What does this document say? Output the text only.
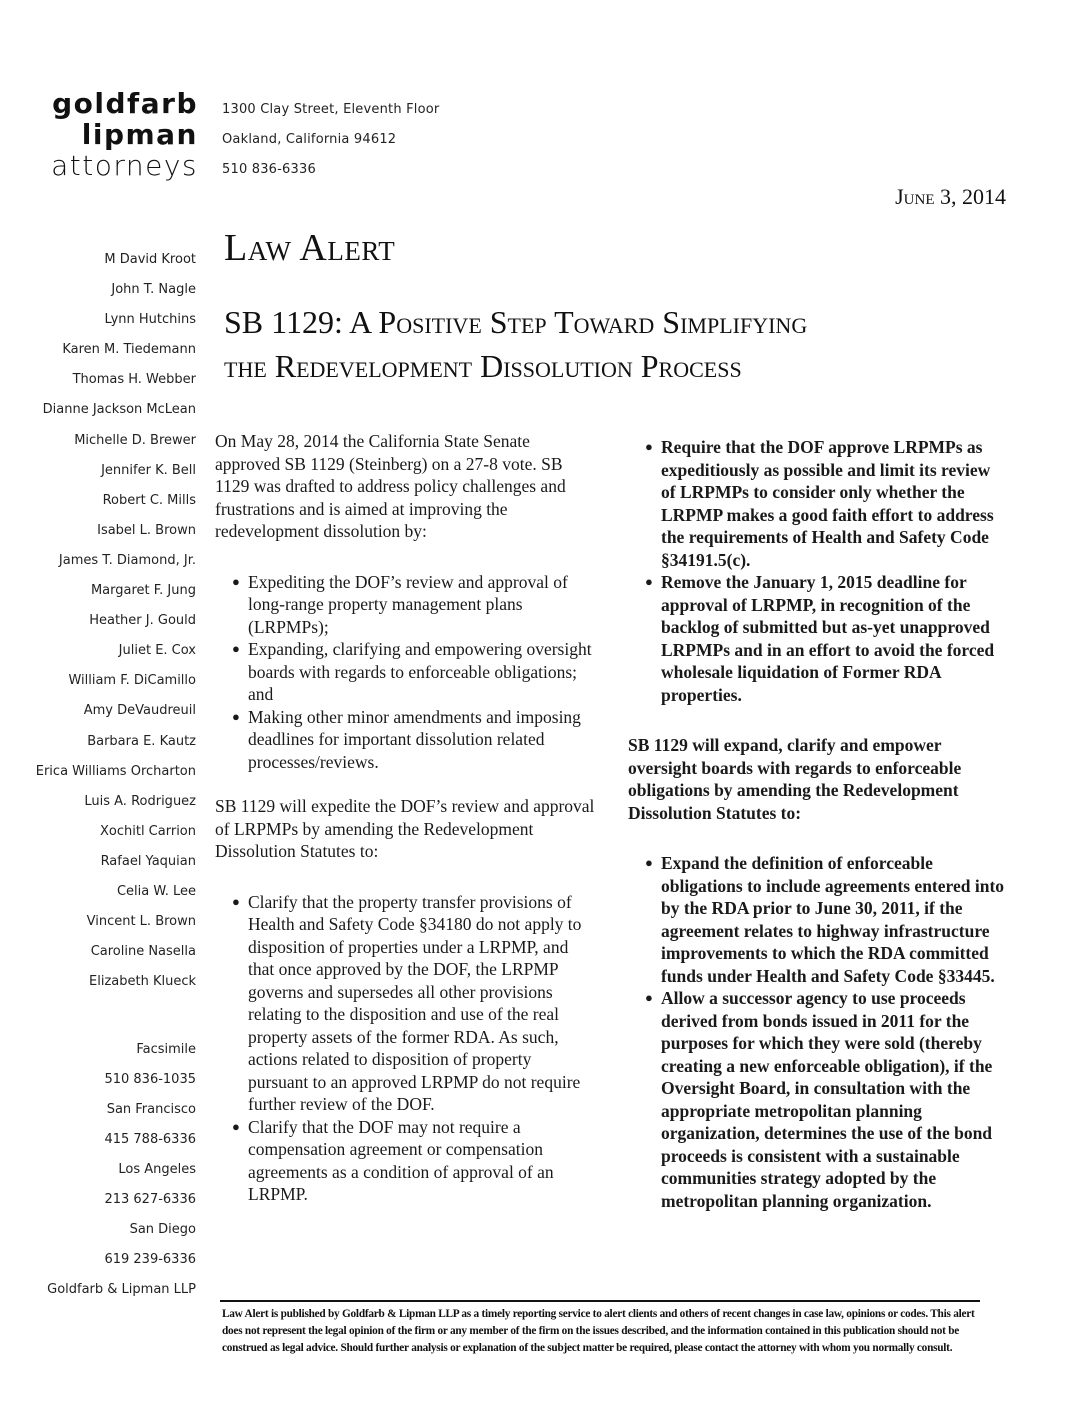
goldfarb
lipman
attorneys
1300 Clay Street, Eleventh Floor
Oakland, California 94612
510 836-6336
June 3, 2014
M David Kroot
John T. Nagle
Lynn Hutchins
Karen M. Tiedemann
Thomas H. Webber
Dianne Jackson McLean
Michelle D. Brewer
Jennifer K. Bell
Robert C. Mills
Isabel L. Brown
James T. Diamond, Jr.
Margaret F. Jung
Heather J. Gould
Juliet E. Cox
William F. DiCamillo
Amy DeVaudreuil
Barbara E. Kautz
Erica Williams Orcharton
Luis A. Rodriguez
Xochitl Carrion
Rafael Yaquian
Celia W. Lee
Vincent L. Brown
Caroline Nasella
Elizabeth Klueck
Facsimile
510 836-1035
San Francisco
415 788-6336
Los Angeles
213 627-6336
San Diego
619 239-6336
Goldfarb & Lipman LLP
Law Alert
SB 1129: A Positive Step Toward Simplifying
the Redevelopment Dissolution Process

On May 28, 2014 the California State Senate approved SB 1129 (Steinberg) on a 27-8 vote. SB 1129 was drafted to address policy challenges and frustrations and is aimed at improving the redevelopment dissolution by:

● Expediting the DOF’s review and approval of long-range property management plans (LRPMPs);
● Expanding, clarifying and empowering oversight boards with regards to enforceable obligations; and
● Making other minor amendments and imposing deadlines for important dissolution related processes/reviews.

SB 1129 will expedite the DOF’s review and approval of LRPMPs by amending the Redevelopment Dissolution Statutes to:

● Clarify that the property transfer provisions of Health and Safety Code §34180 do not apply to disposition of properties under a LRPMP, and that once approved by the DOF, the LRPMP governs and supersedes all other provisions relating to the disposition and use of the real property assets of the former RDA. As such, actions related to disposition of property pursuant to an approved LRPMP do not require further review of the DOF.
● Clarify that the DOF may not require a compensation agreement or compensation agreements as a condition of approval of an LRPMP.
● Require that the DOF approve LRPMPs as expeditiously as possible and limit its review of LRPMPs to consider only whether the LRPMP makes a good faith effort to address the requirements of Health and Safety Code §34191.5(c).
● Remove the January 1, 2015 deadline for approval of LRPMP, in recognition of the backlog of submitted but as-yet unapproved LRPMPs and in an effort to avoid the forced wholesale liquidation of Former RDA properties.

SB 1129 will expand, clarify and empower oversight boards with regards to enforceable obligations by amending the Redevelopment Dissolution Statutes to:

● Expand the definition of enforceable obligations to include agreements entered into by the RDA prior to June 30, 2011, if the agreement relates to highway infrastructure improvements to which the RDA committed funds under Health and Safety Code §33445.
● Allow a successor agency to use proceeds derived from bonds issued in 2011 for the purposes for which they were sold (thereby creating a new enforceable obligation), if the Oversight Board, in consultation with the appropriate metropolitan planning organization, determines the use of the bond proceeds is consistent with a sustainable communities strategy adopted by the metropolitan planning organization.
Law Alert is published by Goldfarb & Lipman LLP as a timely reporting service to alert clients and others of recent changes in case law, opinions or codes. This alert does not represent the legal opinion of the firm or any member of the firm on the issues described, and the information contained in this publication should not be construed as legal advice. Should further analysis or explanation of the subject matter be required, please contact the attorney with whom you normally consult.
